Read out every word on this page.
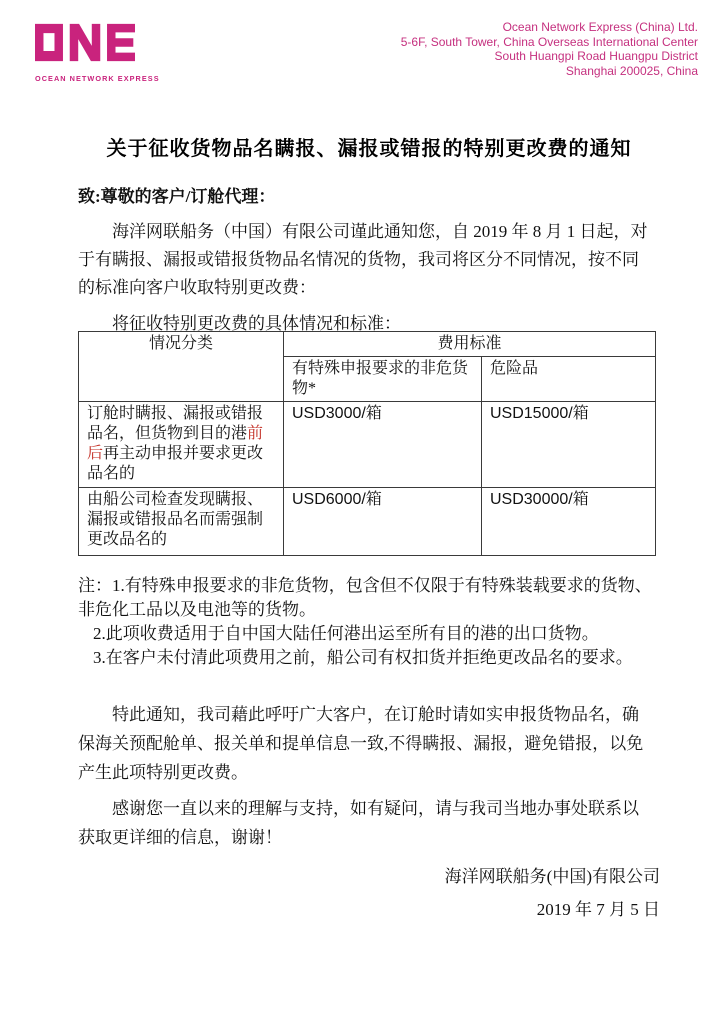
OCEAN NETWORK EXPRESS
Ocean Network Express (China) Ltd.
5-6F, South Tower, China Overseas International Center
South Huangpi Road Huangpu District
Shanghai 200025, China
关于征收货物品名瞒报、漏报或错报的特别更改费的通知
致:尊敬的客户/订舱代理：
海洋网联船务（中国）有限公司谨此通知您，自 2019 年 8 月 1 日起，对
于有瞒报、漏报或错报货物品名情况的货物，我司将区分不同情况，按不同
的标准向客户收取特别更改费：
将征收特别更改费的具体情况和标准：
情况分类	费用标准	
	有特殊申报要求的非危货物*	危险品
订舱时瞒报、漏报或错报品名，但货物到目的港前后再主动申报并要求更改品名的	USD3000/箱	USD15000/箱
由船公司检查发现瞒报、漏报或错报品名而需强制更改品名的	USD6000/箱	USD30000/箱
注：1.有特殊申报要求的非危货物，包含但不仅限于有特殊装载要求的货物、
非危化工品以及电池等的货物。
2.此项收费适用于自中国大陆任何港出运至所有目的港的出口货物。
3.在客户未付清此项费用之前，船公司有权扣货并拒绝更改品名的要求。
特此通知，我司藉此呼吁广大客户，在订舱时请如实申报货物品名，确
保海关预配舱单、报关单和提单信息一致,不得瞒报、漏报，避免错报，以免
产生此项特别更改费。
感谢您一直以来的理解与支持，如有疑问，请与我司当地办事处联系以
获取更详细的信息，谢谢！
海洋网联船务(中国)有限公司
2019 年 7 月 5 日
